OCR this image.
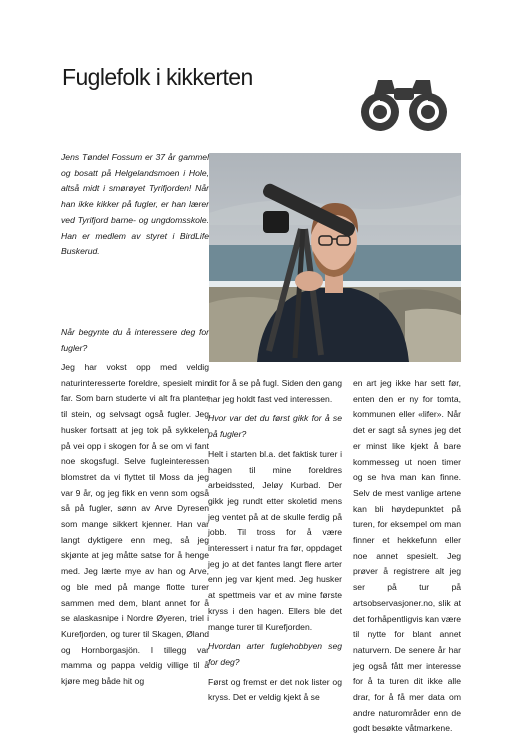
Fuglefolk i kikkerten
Jens Tøndel Fossum er 37 år gammel og bosatt på Helgelandsmoen i Hole, altså midt i smørøyet Tyrifjorden! Når han ikke kikker på fugler, er han lærer ved Tyrifjord barne- og ungdomsskole. Han er medlem av styret i BirdLife Buskerud.
Når begynte du å interessere deg for fugler?
Jeg har vokst opp med veldig naturinteresserte foreldre, spesielt min far. Som barn studerte vi alt fra planter til stein, og selvsagt også fugler. Jeg husker fortsatt at jeg tok på sykkelen på vei opp i skogen for å se om vi fant noe skogsfugl. Selve fugleinteressen blomstret da vi flyttet til Moss da jeg var 9 år, og jeg fikk en venn som også så på fugler, sønn av Arve Dyresen som mange sikkert kjenner. Han var langt dyktigere enn meg, så jeg skjønte at jeg måtte satse for å henge med. Jeg lærte mye av han og Arve, og ble med på mange flotte turer sammen med dem, blant annet for å se alaskasnipe i Nordre Øyeren, triel i Kurefjorden, og turer til Skagen, Øland og Hornborgasjön. I tillegg var mamma og pappa veldig villige til å kjøre meg både hit og

dit for å se på fugl. Siden den gang har jeg holdt fast ved interessen.

Hvor var det du først gikk for å se på fugler?

Helt i starten bl.a. det faktisk turer i hagen til mine foreldres arbeidssted, Jeløy Kurbad. Der gikk jeg rundt etter skoletid mens jeg ventet på at de skulle ferdig på jobb. Til tross for å være interessert i natur fra før, oppdaget jeg jo at det fantes langt flere arter enn jeg var kjent med. Jeg husker at spettmeis var et av mine første kryss i den hagen. Ellers ble det mange turer til Kurefjorden.

Hvordan arter fuglehobbyen seg for deg?

Først og fremst er det nok lister og kryss. Det er veldig kjekt å se

en art jeg ikke har sett før, enten den er ny for tomta, kommunen eller «lifer». Når det er sagt så synes jeg det er minst like kjekt å bare kommesseg ut noen timer og se hva man kan finne. Selv de mest vanlige artene kan bli høydepunktet på turen, for eksempel om man finner et hekkefunn eller noe annet spesielt. Jeg prøver å registrere alt jeg ser på tur på artsobservasjoner.no, slik at det forhåpentligvis kan være til nytte for blant annet naturvern. De senere år har jeg også fått mer interesse for å ta turen dit ikke alle drar, for å få mer data om andre naturområder enn de godt besøkte våtmarkene.
